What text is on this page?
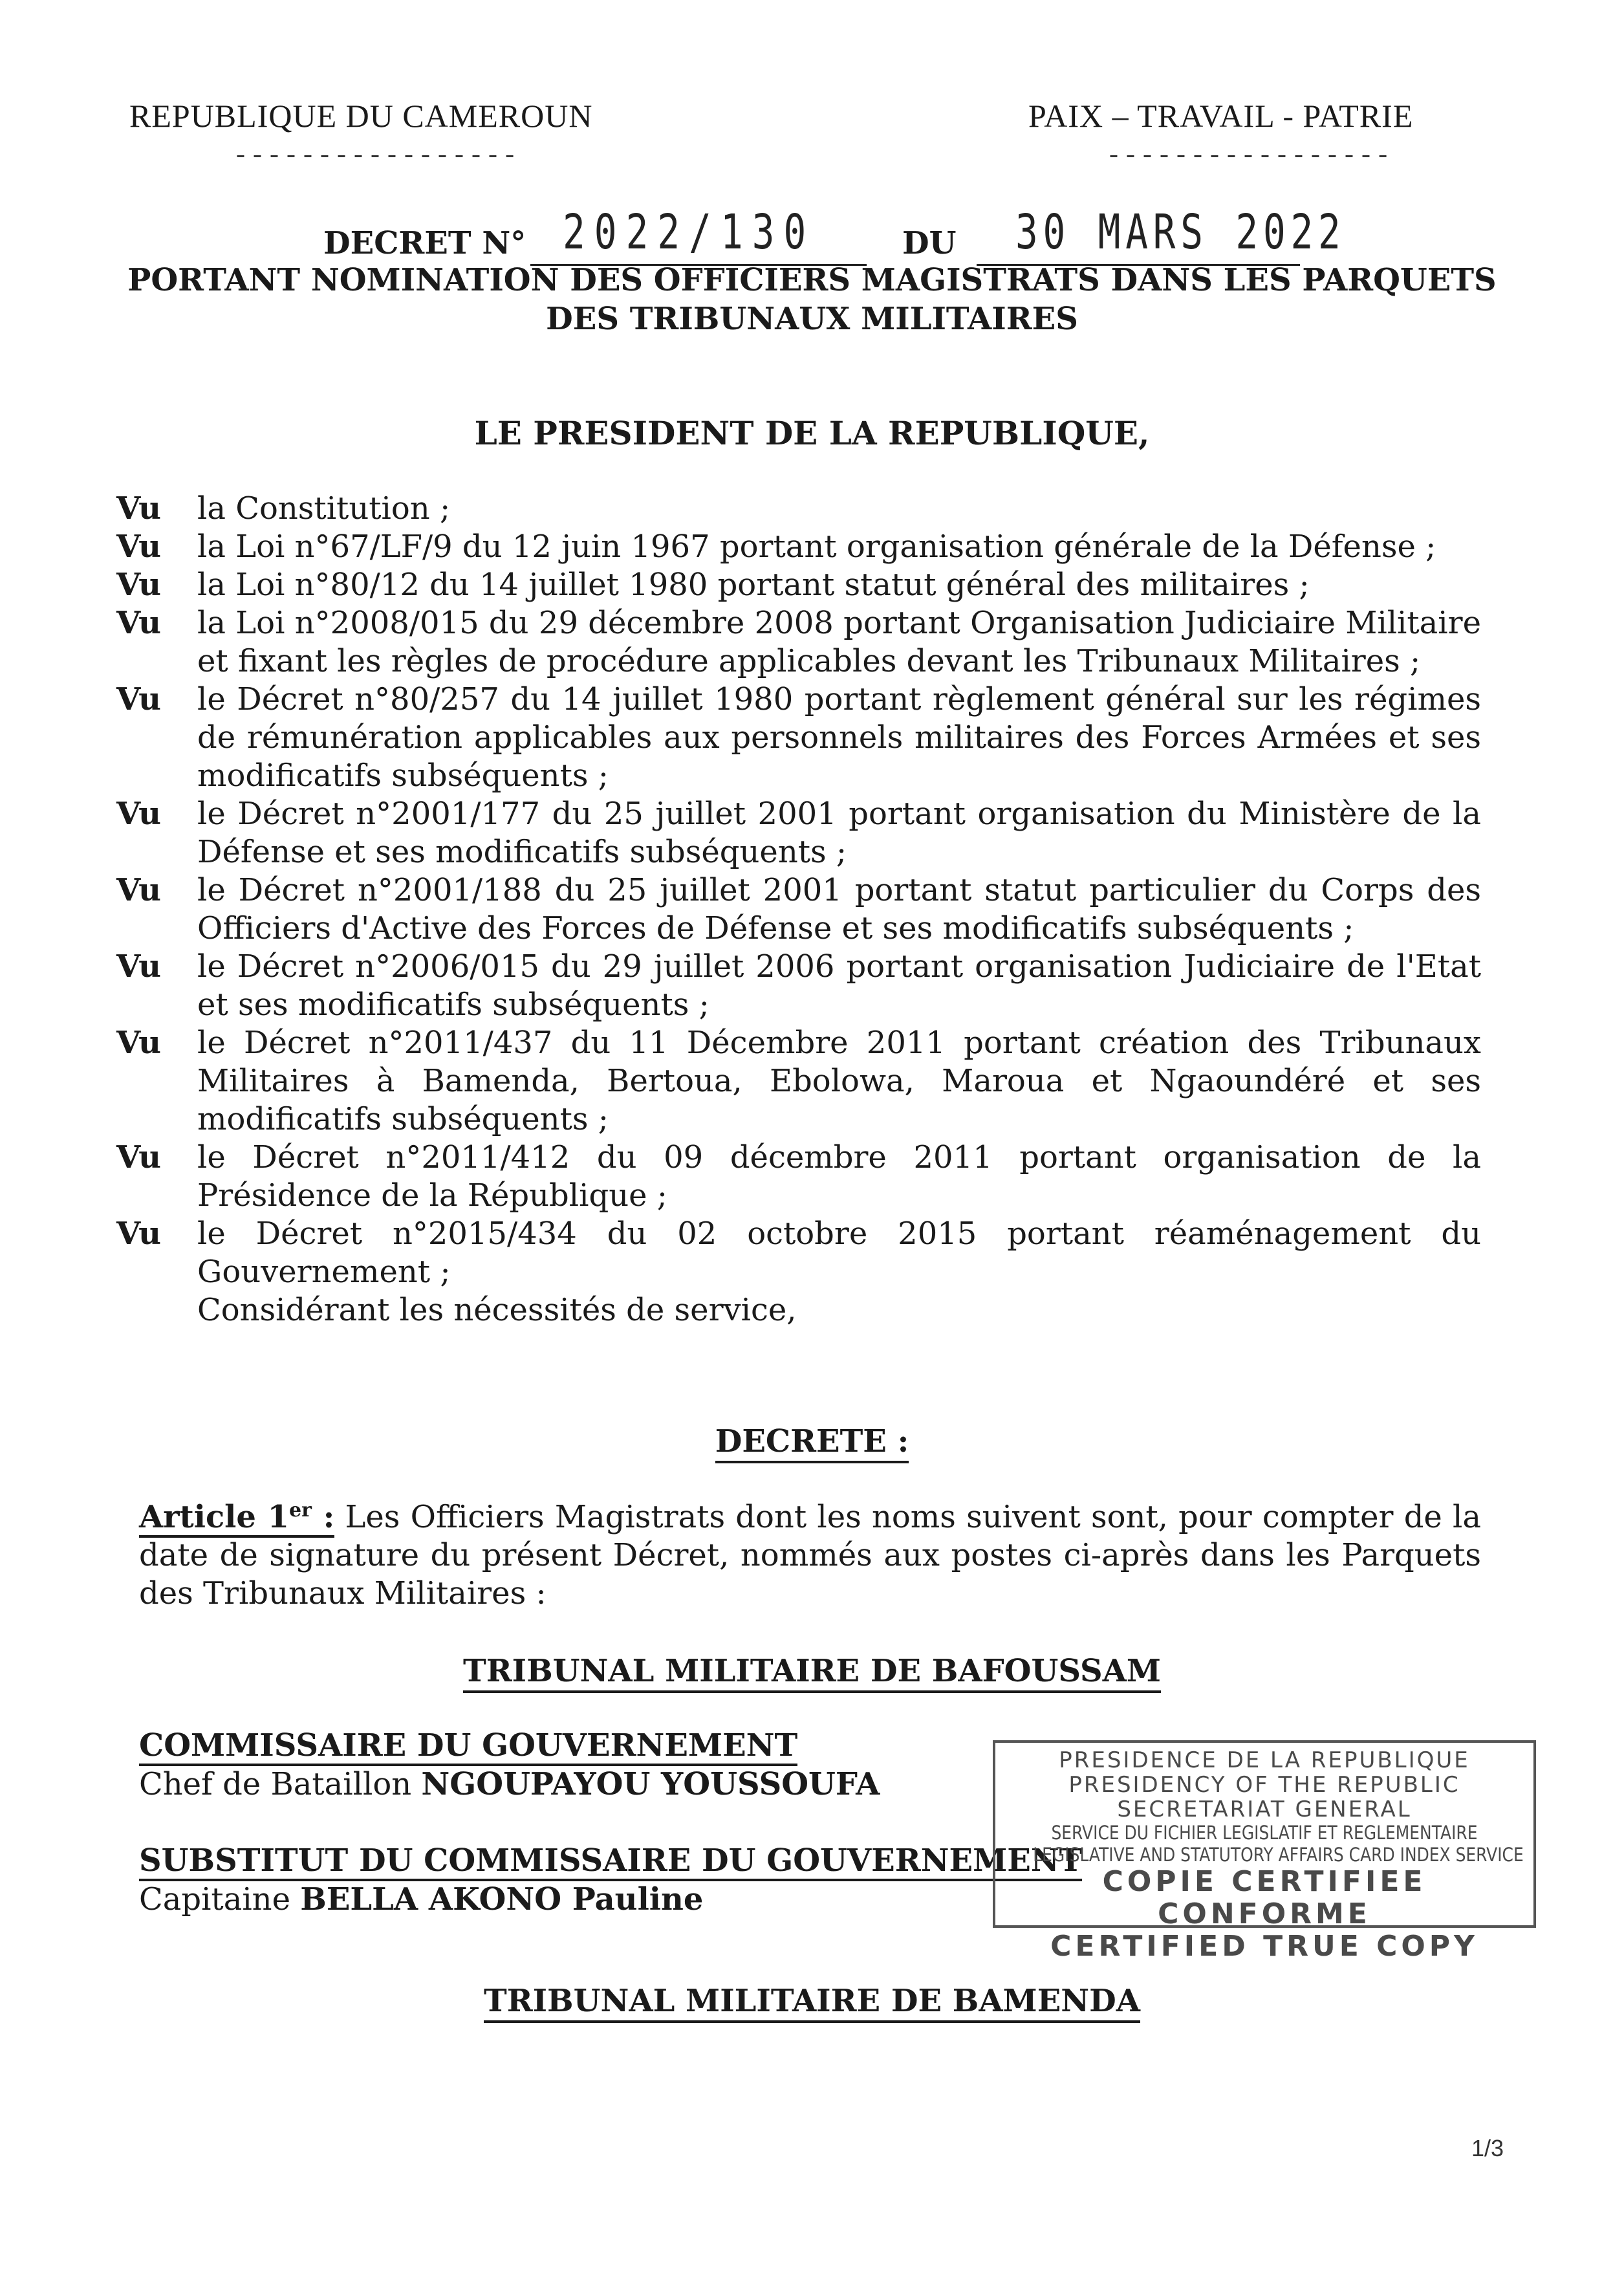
REPUBLIQUE DU CAMEROUN
-----------------
PAIX – TRAVAIL - PATRIE
-----------------
DECRET N° 2022/130	DU 30 MARS 2022
PORTANT NOMINATION DES OFFICIERS MAGISTRATS DANS LES PARQUETS
DES TRIBUNAUX MILITAIRES
LE PRESIDENT DE LA REPUBLIQUE,
Vu	la Constitution ;
Vu	la Loi n°67/LF/9 du 12 juin 1967 portant organisation générale de la Défense ;
Vu	la Loi n°80/12 du 14 juillet 1980 portant statut général des militaires ;
Vu	la Loi n°2008/015 du 29 décembre 2008 portant Organisation Judiciaire Militaire et fixant les règles de procédure applicables devant les Tribunaux Militaires ;
Vu	le Décret n°80/257 du 14 juillet 1980 portant règlement général sur les régimes de rémunération applicables aux personnels militaires des Forces Armées et ses modificatifs subséquents ;
Vu	le Décret n°2001/177 du 25 juillet 2001 portant organisation du Ministère de la Défense et ses modificatifs subséquents ;
Vu	le Décret n°2001/188 du 25 juillet 2001 portant statut particulier du Corps des Officiers d'Active des Forces de Défense et ses modificatifs subséquents ;
Vu	le Décret n°2006/015 du 29 juillet 2006 portant organisation Judiciaire de l'Etat et ses modificatifs subséquents ;
Vu	le Décret n°2011/437 du 11 Décembre 2011 portant création des Tribunaux Militaires à Bamenda, Bertoua, Ebolowa, Maroua et Ngaoundéré et ses modificatifs subséquents ;
Vu	le Décret n°2011/412 du 09 décembre 2011 portant organisation de la Présidence de la République ;
Vu	le Décret n°2015/434 du 02 octobre 2015 portant réaménagement du Gouvernement ;
Considérant les nécessités de service,
DECRETE :
Article 1er : Les Officiers Magistrats dont les noms suivent sont, pour compter de la date de signature du présent Décret, nommés aux postes ci-après dans les Parquets des Tribunaux Militaires :
TRIBUNAL MILITAIRE DE BAFOUSSAM
COMMISSAIRE DU GOUVERNEMENT
Chef de Bataillon NGOUPAYOU YOUSSOUFA
SUBSTITUT DU COMMISSAIRE DU GOUVERNEMENT
Capitaine BELLA AKONO Pauline
PRESIDENCE DE LA REPUBLIQUE
PRESIDENCY OF THE REPUBLIC
SECRETARIAT GENERAL
SERVICE DU FICHIER LEGISLATIF ET REGLEMENTAIRE
LEGISLATIVE AND STATUTORY AFFAIRS CARD INDEX SERVICE
COPIE CERTIFIEE CONFORME
CERTIFIED TRUE COPY
TRIBUNAL MILITAIRE DE BAMENDA
1/3
